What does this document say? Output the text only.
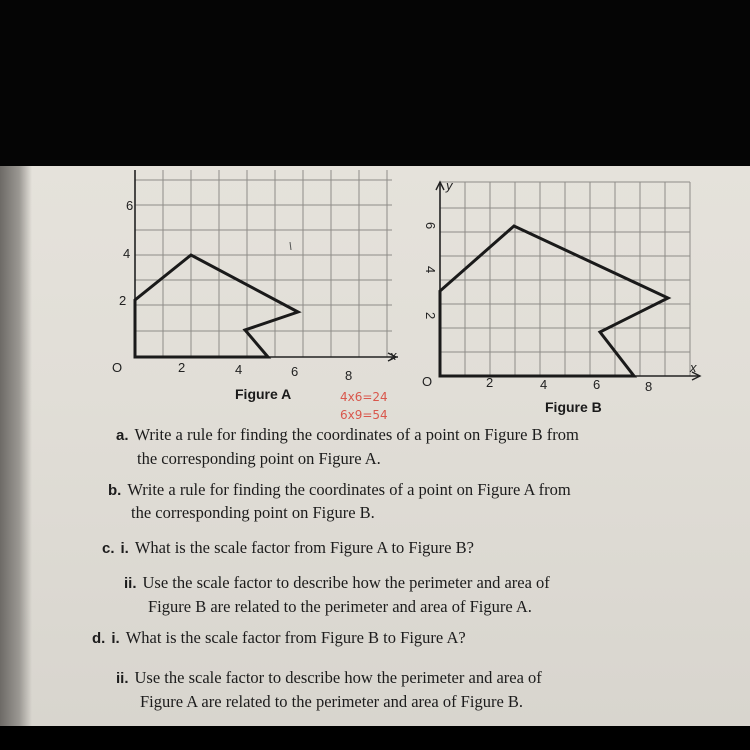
6
4
2
O	2	4	6	8
x
Figure A	4x6=24
6x9=54
y
6
4
2
O	2	4	6	8
x
Figure B
a. Write a rule for finding the coordinates of a point on Figure B from
the corresponding point on Figure A.
b. Write a rule for finding the coordinates of a point on Figure A from
the corresponding point on Figure B.
c. i. What is the scale factor from Figure A to Figure B?
ii. Use the scale factor to describe how the perimeter and area of
Figure B are related to the perimeter and area of Figure A.
d. i. What is the scale factor from Figure B to Figure A?
ii. Use the scale factor to describe how the perimeter and area of
Figure A are related to the perimeter and area of Figure B.
